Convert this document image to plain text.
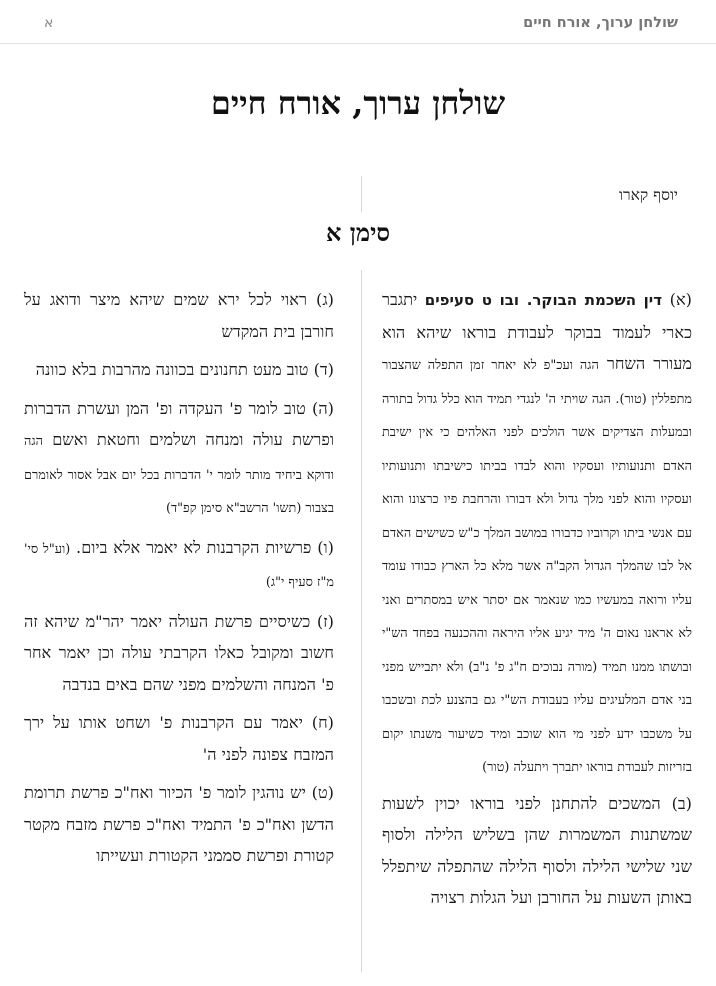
שולחן ערוך, אורח חיים
א
שולחן ערוך, אורח חיים
יוסף קארו
סימן א

(א) דין השכמת הבוקר. ובו ט סעיפים יתגבר כארי לעמוד בבוקר לעבודת בוראו שיהא הוא מעורר השחר הגה ועכ"פ לא יאחר זמן התפלה שהצבור מתפללין (טור). הגה שויתי ה' לנגדי תמיד הוא כלל גדול בתורה ובמעלות הצדיקים אשר הולכים לפני האלהים כי אין ישיבת האדם ותנועותיו ועסקיו והוא לבדו בביתו כישיבתו ותנועותיו ועסקיו והוא לפני מלך גדול ולא דבורו והרחבת פיו כרצונו והוא עם אנשי ביתו וקרוביו כדבורו במושב המלך כ"ש כשישים האדם אל לבו שהמלך הגדול הקב"ה אשר מלא כל הארץ כבודו עומד עליו ורואה במעשיו כמו שנאמר אם יסתר איש במסתרים ואני לא אראנו נאום ה' מיד יגיע אליו היראה וההכנעה בפחד הש"י ובושתו ממנו תמיד (מורה נבוכים ח"ג פ' נ"ב) ולא יתבייש מפני בני אדם המלעיגים עליו בעבודת הש"י גם בהצנע לכת ובשכבו על משכבו ידע לפני מי הוא שוכב ומיד כשיעור משנתו יקום בזריזות לעבודת בוראו יתברך ויתעלה (טור)

(ב) המשכים להתחנן לפני בוראו יכוין לשעות שמשתנות המשמרות שהן בשליש הלילה ולסוף שני שלישי הלילה ולסוף הלילה שהתפלה שיתפלל באותן השעות על החורבן ועל הגלות רצויה

(ג) ראוי לכל ירא שמים שיהא מיצר ודואג על חורבן בית המקדש

(ד) טוב מעט תחנונים בכוונה מהרבות בלא כוונה

(ה) טוב לומר פ' העקדה ופ' המן ועשרת הדברות ופרשת עולה ומנחה ושלמים וחטאת ואשם הגה ודוקא ביחיד מותר לומר י' הדברות בכל יום אבל אסור לאומרם בצבור (תשו' הרשב"א סימן קפ"ד)

(ו) פרשיות הקרבנות לא יאמר אלא ביום. (וע"ל סי' מ"ז סעיף י"ג)

(ז) כשיסיים פרשת העולה יאמר יהר"מ שיהא זה חשוב ומקובל כאלו הקרבתי עולה וכן יאמר אחר פ' המנחה והשלמים מפני שהם באים בנדבה

(ח) יאמר עם הקרבנות פ' ושחט אותו על ירך המזבח צפונה לפני ה'

(ט) יש נוהגין לומר פ' הכיור ואח"כ פרשת תרומת הדשן ואח"כ פ' התמיד ואח"כ פרשת מזבח מקטר קטורת ופרשת סממני הקטורת ועשייתו
